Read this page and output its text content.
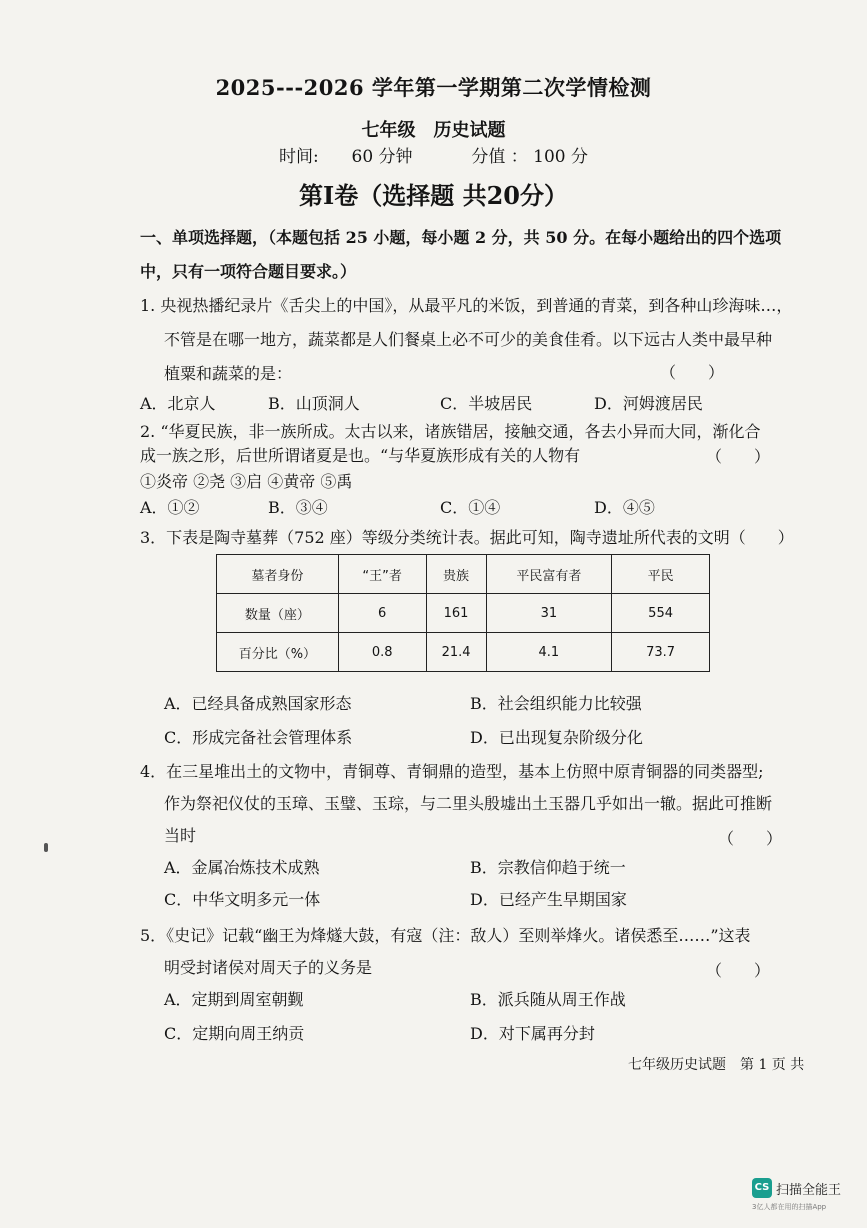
2025---2026 学年第一学期第二次学情检测
七年级　历史试题
时间: 60 分钟	分值 ： 100 分
第Ⅰ卷（选择题 共20分）
一、单项选择题，（本题包括 25 小题，每小题 2 分，共 50 分。在每小题给出的四个选项
中，只有一项符合题目要求。）
1. 央视热播纪录片《舌尖上的中国》，从最平凡的米饭，到普通的青菜，到各种山珍海味…，
不管是在哪一地方，蔬菜都是人们餐桌上必不可少的美食佳肴。以下远古人类中最早种
植粟和蔬菜的是：	（　　）
A．北京人	B．山顶洞人	C．半坡居民	D．河姆渡居民
2. “华夏民族，非一族所成。太古以来，诸族错居，接触交通，各去小异而大同，渐化合
成一族之形，后世所谓诸夏是也。“与华夏族形成有关的人物有	（　　）
①炎帝 ②尧 ③启 ④黄帝 ⑤禹
A．①②	B．③④	C．①④	D．④⑤
3．下表是陶寺墓葬（752 座）等级分类统计表。据此可知，陶寺遗址所代表的文明（　　）
墓者身份	“王”者	贵族	平民富有者	平民
数量（座）	6	161	31	554
百分比（%）	0.8	21.4	4.1	73.7
A．已经具备成熟国家形态	B．社会组织能力比较强
C．形成完备社会管理体系	D．已出现复杂阶级分化
4．在三星堆出土的文物中，青铜尊、青铜鼎的造型，基本上仿照中原青铜器的同类器型;
作为祭祀仪仗的玉璋、玉璧、玉琮，与二里头殷墟出土玉器几乎如出一辙。据此可推断
当时	（　　）
A．金属冶炼技术成熟	B．宗教信仰趋于统一
C．中华文明多元一体	D．已经产生早期国家
5．《史记》记载“幽王为烽燧大鼓，有寇（注：敌人）至则举烽火。诸侯悉至……”这表
明受封诸侯对周天子的义务是	（　　）
A．定期到周室朝觐	B．派兵随从周王作战
C．定期向周王纳贡	D．对下属再分封
七年级历史试题　第 1 页 共
CS 扫描全能王
3亿人都在用的扫描App
